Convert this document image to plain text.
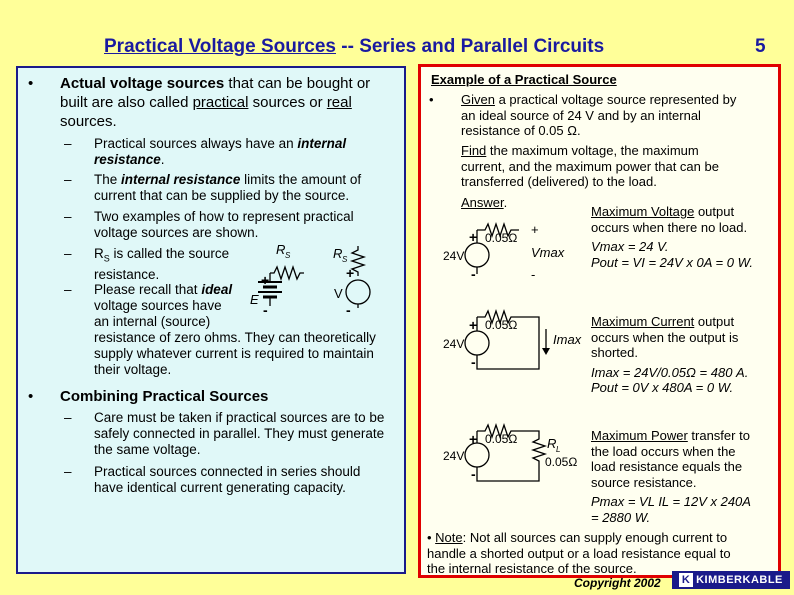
Practical Voltage Sources -- Series and Parallel Circuits	5
• Actual voltage sources that can be bought or
built are also called practical sources or real
sources.
– Practical sources always have an internal
resistance.
– The internal resistance limits the amount of
current that can be supplied by the source.
– Two examples of how to represent practical
voltage sources are shown.
– $R_S$ is called the source
resistance.
– Please recall that ideal
voltage sources have
an internal (source)
resistance of zero ohms. They can theoretically
supply whatever current is required to maintain
their voltage.
• Combining Practical Sources
– Care must be taken if practical sources are to be
safely connected in parallel. They must generate
the same voltage.
– Practical sources connected in series should
have identical current generating capacity.
R S
+
E
-
R S
+
V
-
Example of a Practical Source
• Given a practical voltage source represented by
an ideal source of 24 V and by an internal
resistance of 0.05 Ω.
Find the maximum voltage, the maximum
current, and the maximum power that can be
transferred (delivered) to the load.
Answer.
Maximum Voltage output
occurs when there no load.
Vmax = 24 V.
Pout = VI = 24V x 0A = 0 W.
Maximum Current output
occurs when the output is
shorted.
Imax = 24V/0.05Ω = 480 A.
Pout = 0V x 480A = 0 W.
Maximum Power transfer to
the load occurs when the
load resistance equals the
source resistance.
Pmax = VL IL = 12V x 240A
= 2880 W.
• Note: Not all sources can supply enough current to
handle a shorted output or a load resistance equal to
the internal resistance of the source.
+
24V
-
0.05Ω
+
Vmax
-
+
24V
-
0.05Ω
Imax
+
24V
-
0.05Ω R L
0.05Ω
Copyright 2002	K KIMBERKABLE
